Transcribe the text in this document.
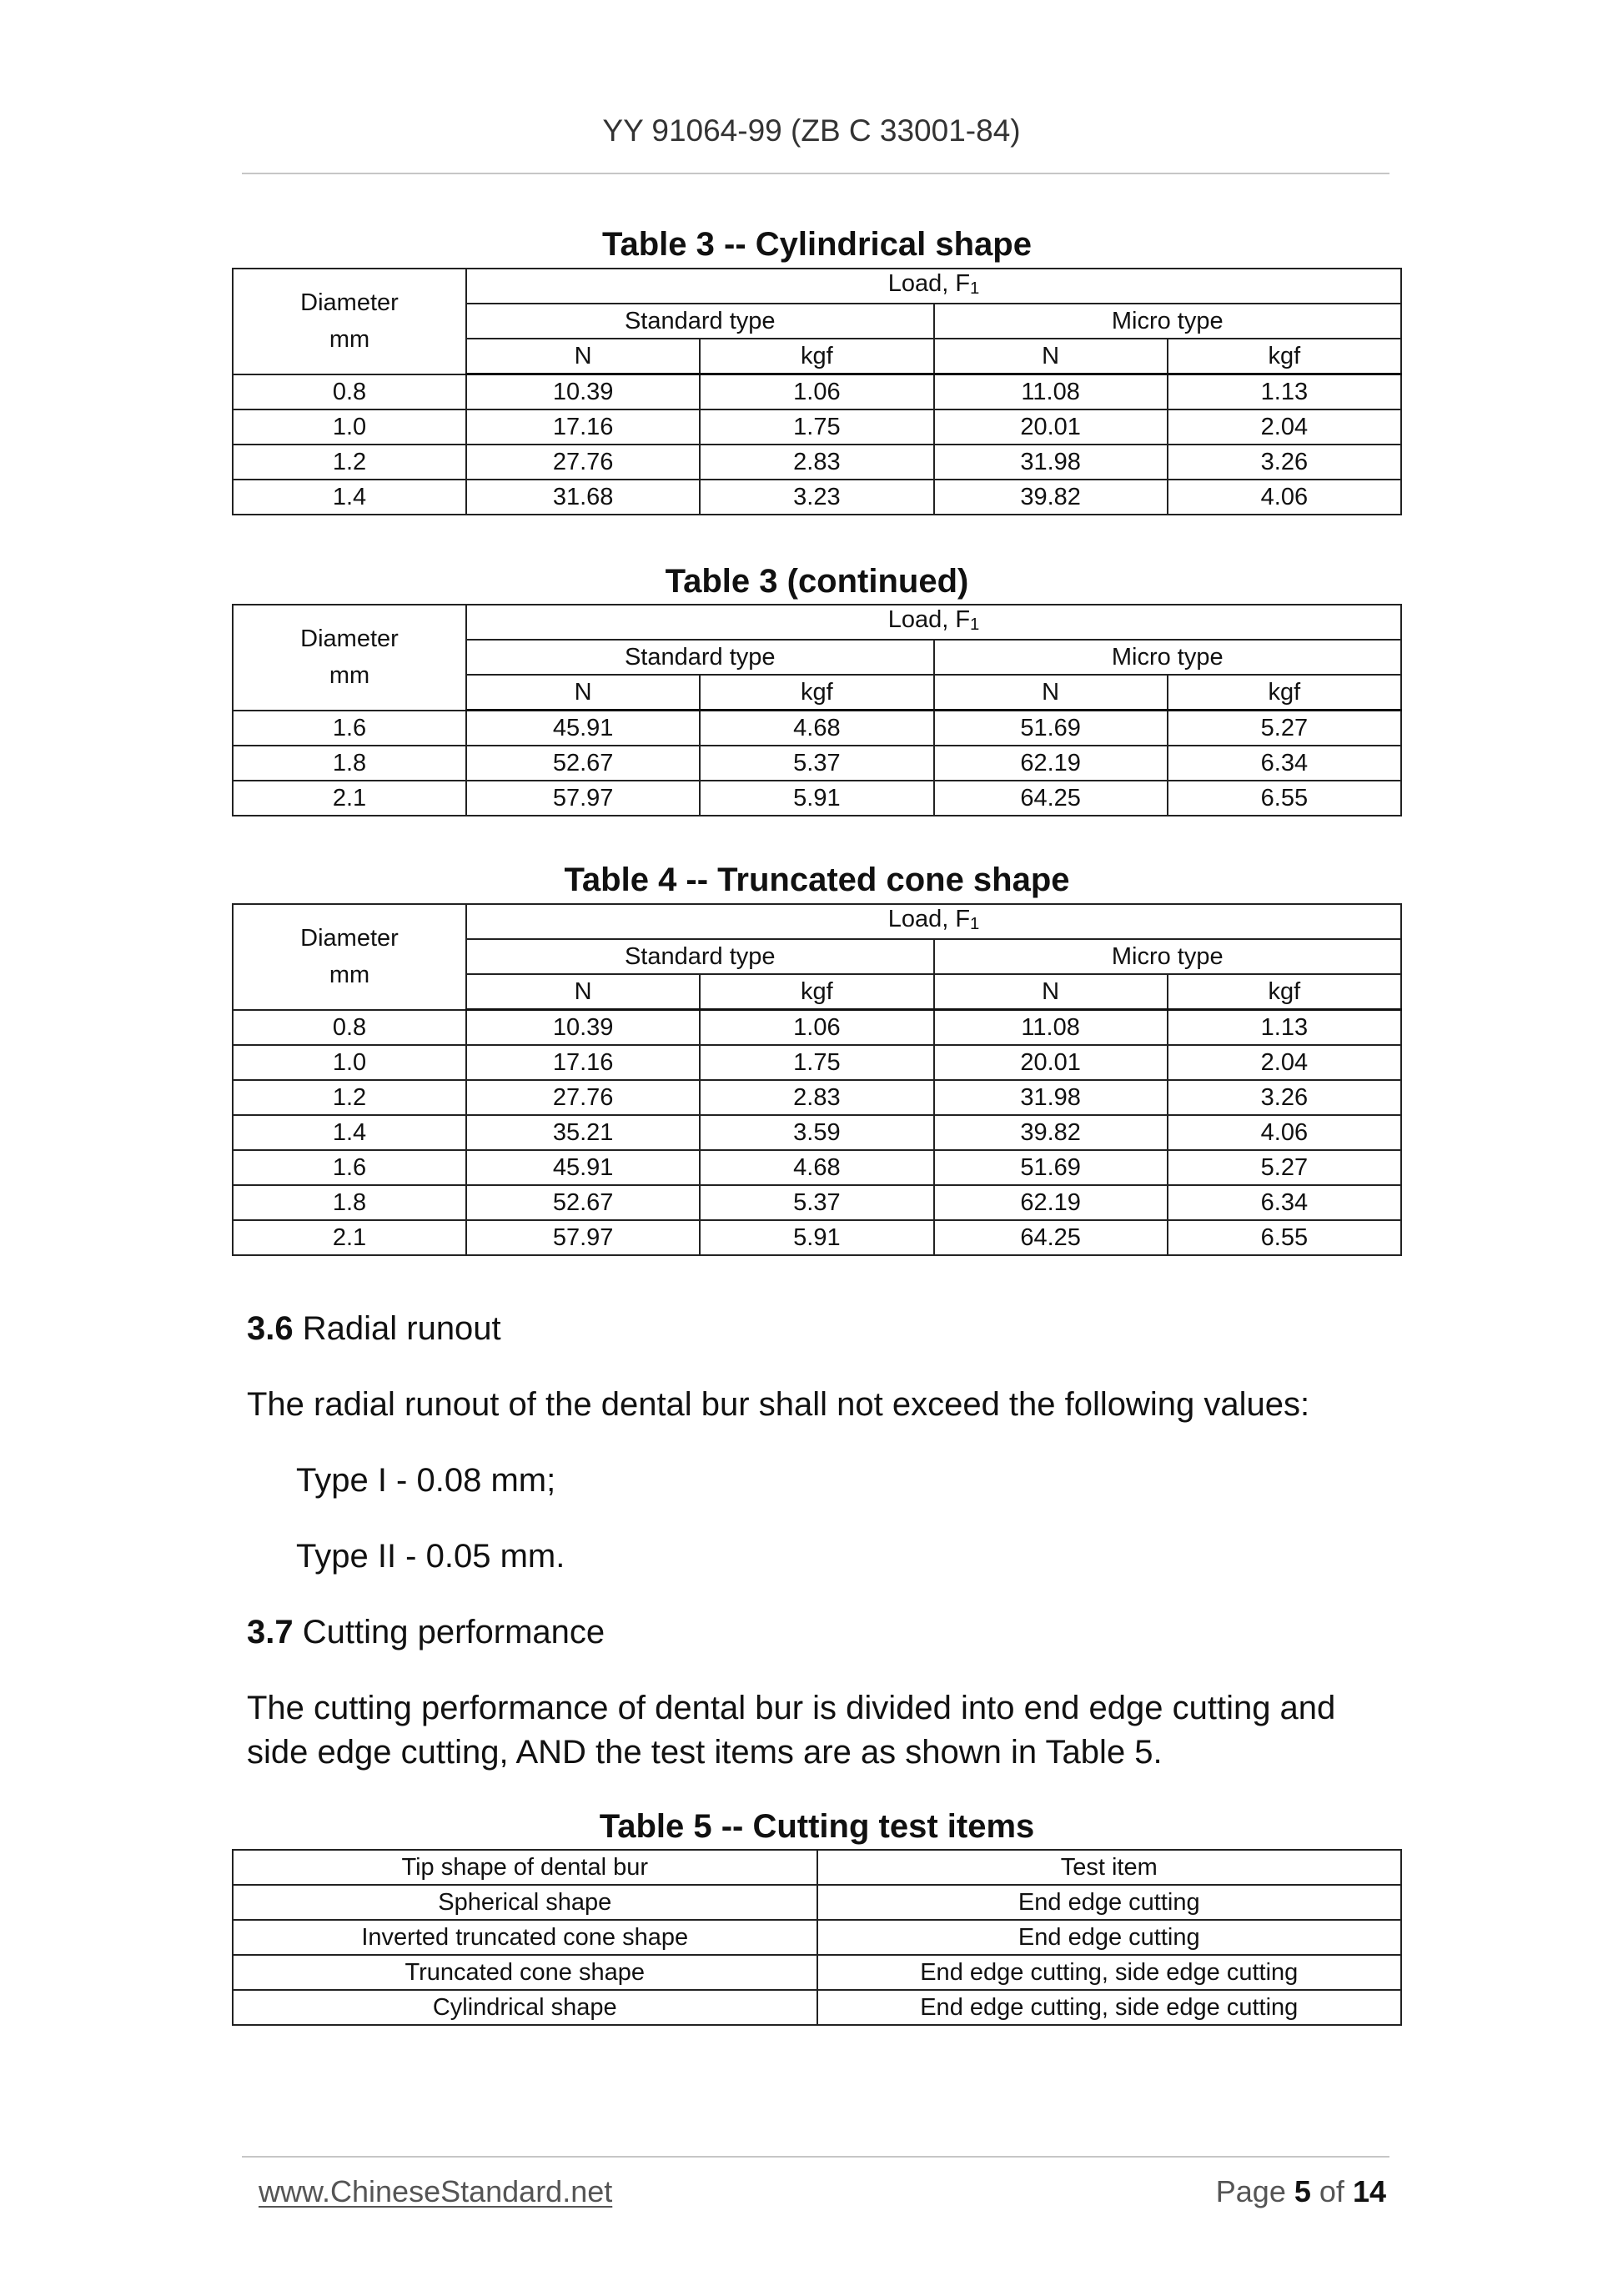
YY 91064-99 (ZB C 33001-84)
Table 3 -- Cylindrical shape
Diameter
mm	Load, F1			
	Standard type		Micro type	
	N	kgf	N	kgf
0.8	10.39	1.06	11.08	1.13
1.0	17.16	1.75	20.01	2.04
1.2	27.76	2.83	31.98	3.26
1.4	31.68	3.23	39.82	4.06
Table 3 (continued)
Diameter
mm	Load, F1			
	Standard type		Micro type	
	N	kgf	N	kgf
1.6	45.91	4.68	51.69	5.27
1.8	52.67	5.37	62.19	6.34
2.1	57.97	5.91	64.25	6.55
Table 4 -- Truncated cone shape
Diameter
mm	Load, F1			
	Standard type		Micro type	
	N	kgf	N	kgf
0.8	10.39	1.06	11.08	1.13
1.0	17.16	1.75	20.01	2.04
1.2	27.76	2.83	31.98	3.26
1.4	35.21	3.59	39.82	4.06
1.6	45.91	4.68	51.69	5.27
1.8	52.67	5.37	62.19	6.34
2.1	57.97	5.91	64.25	6.55
3.6 Radial runout
The radial runout of the dental bur shall not exceed the following values:
Type I - 0.08 mm;
Type II - 0.05 mm.
3.7 Cutting performance
The cutting performance of dental bur is divided into end edge cutting and side edge cutting, AND the test items are as shown in Table 5.
Table 5 -- Cutting test items
Tip shape of dental bur	Test item
Spherical shape	End edge cutting
Inverted truncated cone shape	End edge cutting
Truncated cone shape	End edge cutting, side edge cutting
Cylindrical shape	End edge cutting, side edge cutting
www.ChineseStandard.net	Page 5 of 14
